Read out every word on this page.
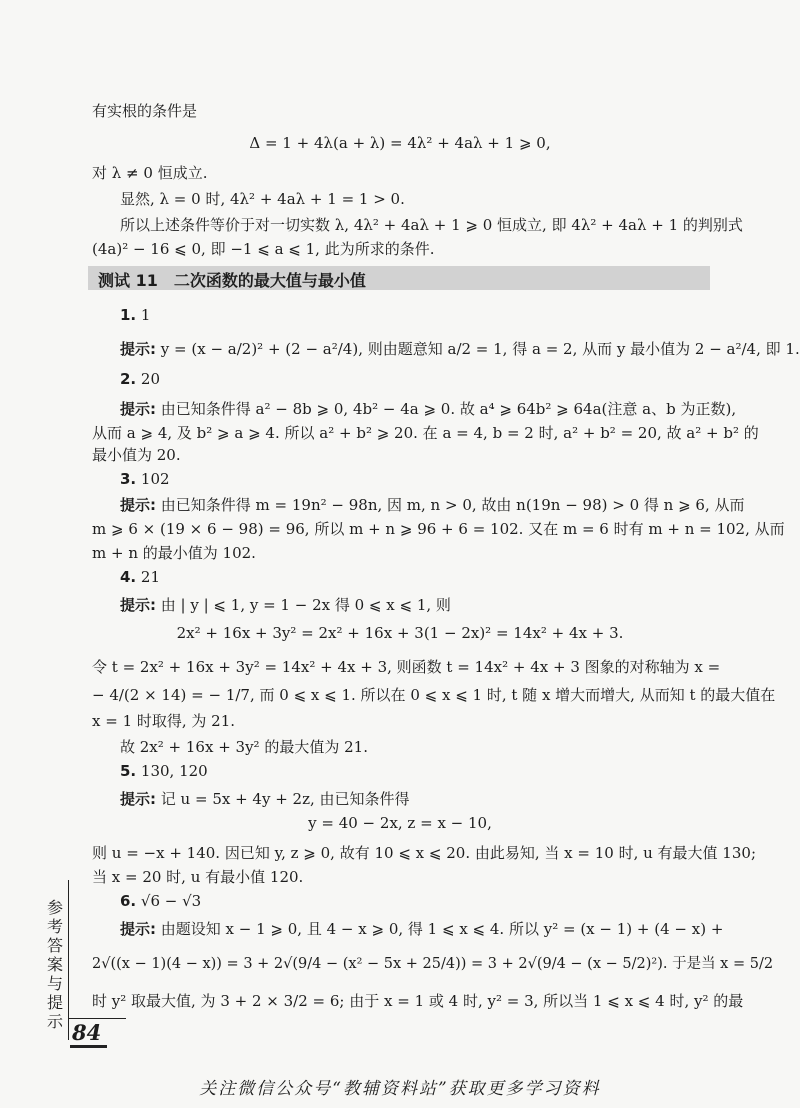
有实根的条件是
Δ = 1 + 4λ(a + λ) = 4λ² + 4aλ + 1 ⩾ 0,
对 λ ≠ 0 恒成立.
显然, λ = 0 时, 4λ² + 4aλ + 1 = 1 > 0.
所以上述条件等价于对一切实数 λ, 4λ² + 4aλ + 1 ⩾ 0 恒成立, 即 4λ² + 4aλ + 1 的判别式
(4a)² − 16 ⩽ 0, 即 −1 ⩽ a ⩽ 1, 此为所求的条件.
测试 11　二次函数的最大值与最小值
1. 1
提示: y = (x − a/2)² + (2 − a²/4), 则由题意知 a/2 = 1, 得 a = 2, 从而 y 最小值为 2 − a²/4, 即 1.
2. 20
提示: 由已知条件得 a² − 8b ⩾ 0, 4b² − 4a ⩾ 0. 故 a⁴ ⩾ 64b² ⩾ 64a(注意 a、b 为正数),
从而 a ⩾ 4, 及 b² ⩾ a ⩾ 4. 所以 a² + b² ⩾ 20. 在 a = 4, b = 2 时, a² + b² = 20, 故 a² + b² 的
最小值为 20.
3. 102
提示: 由已知条件得 m = 19n² − 98n, 因 m, n > 0, 故由 n(19n − 98) > 0 得 n ⩾ 6, 从而
m ⩾ 6 × (19 × 6 − 98) = 96, 所以 m + n ⩾ 96 + 6 = 102. 又在 m = 6 时有 m + n = 102, 从而
m + n 的最小值为 102.
4. 21
提示: 由 | y | ⩽ 1, y = 1 − 2x 得 0 ⩽ x ⩽ 1, 则
2x² + 16x + 3y² = 2x² + 16x + 3(1 − 2x)² = 14x² + 4x + 3.
令 t = 2x² + 16x + 3y² = 14x² + 4x + 3, 则函数 t = 14x² + 4x + 3 图象的对称轴为 x =
− 4/(2 × 14) = − 1/7, 而 0 ⩽ x ⩽ 1. 所以在 0 ⩽ x ⩽ 1 时, t 随 x 增大而增大, 从而知 t 的最大值在
x = 1 时取得, 为 21.
故 2x² + 16x + 3y² 的最大值为 21.
5. 130, 120
提示: 记 u = 5x + 4y + 2z, 由已知条件得
y = 40 − 2x, z = x − 10,
则 u = −x + 140. 因已知 y, z ⩾ 0, 故有 10 ⩽ x ⩽ 20. 由此易知, 当 x = 10 时, u 有最大值 130;
当 x = 20 时, u 有最小值 120.
6. √6 − √3
提示: 由题设知 x − 1 ⩾ 0, 且 4 − x ⩾ 0, 得 1 ⩽ x ⩽ 4. 所以 y² = (x − 1) + (4 − x) +
2√((x − 1)(4 − x)) = 3 + 2√(9/4 − (x² − 5x + 25/4)) = 3 + 2√(9/4 − (x − 5/2)²). 于是当 x = 5/2
时 y² 取最大值, 为 3 + 2 × 3/2 = 6; 由于 x = 1 或 4 时, y² = 3, 所以当 1 ⩽ x ⩽ 4 时, y² 的最
参考答案与提示 84
关注微信公众号“教辅资料站”获取更多学习资料
